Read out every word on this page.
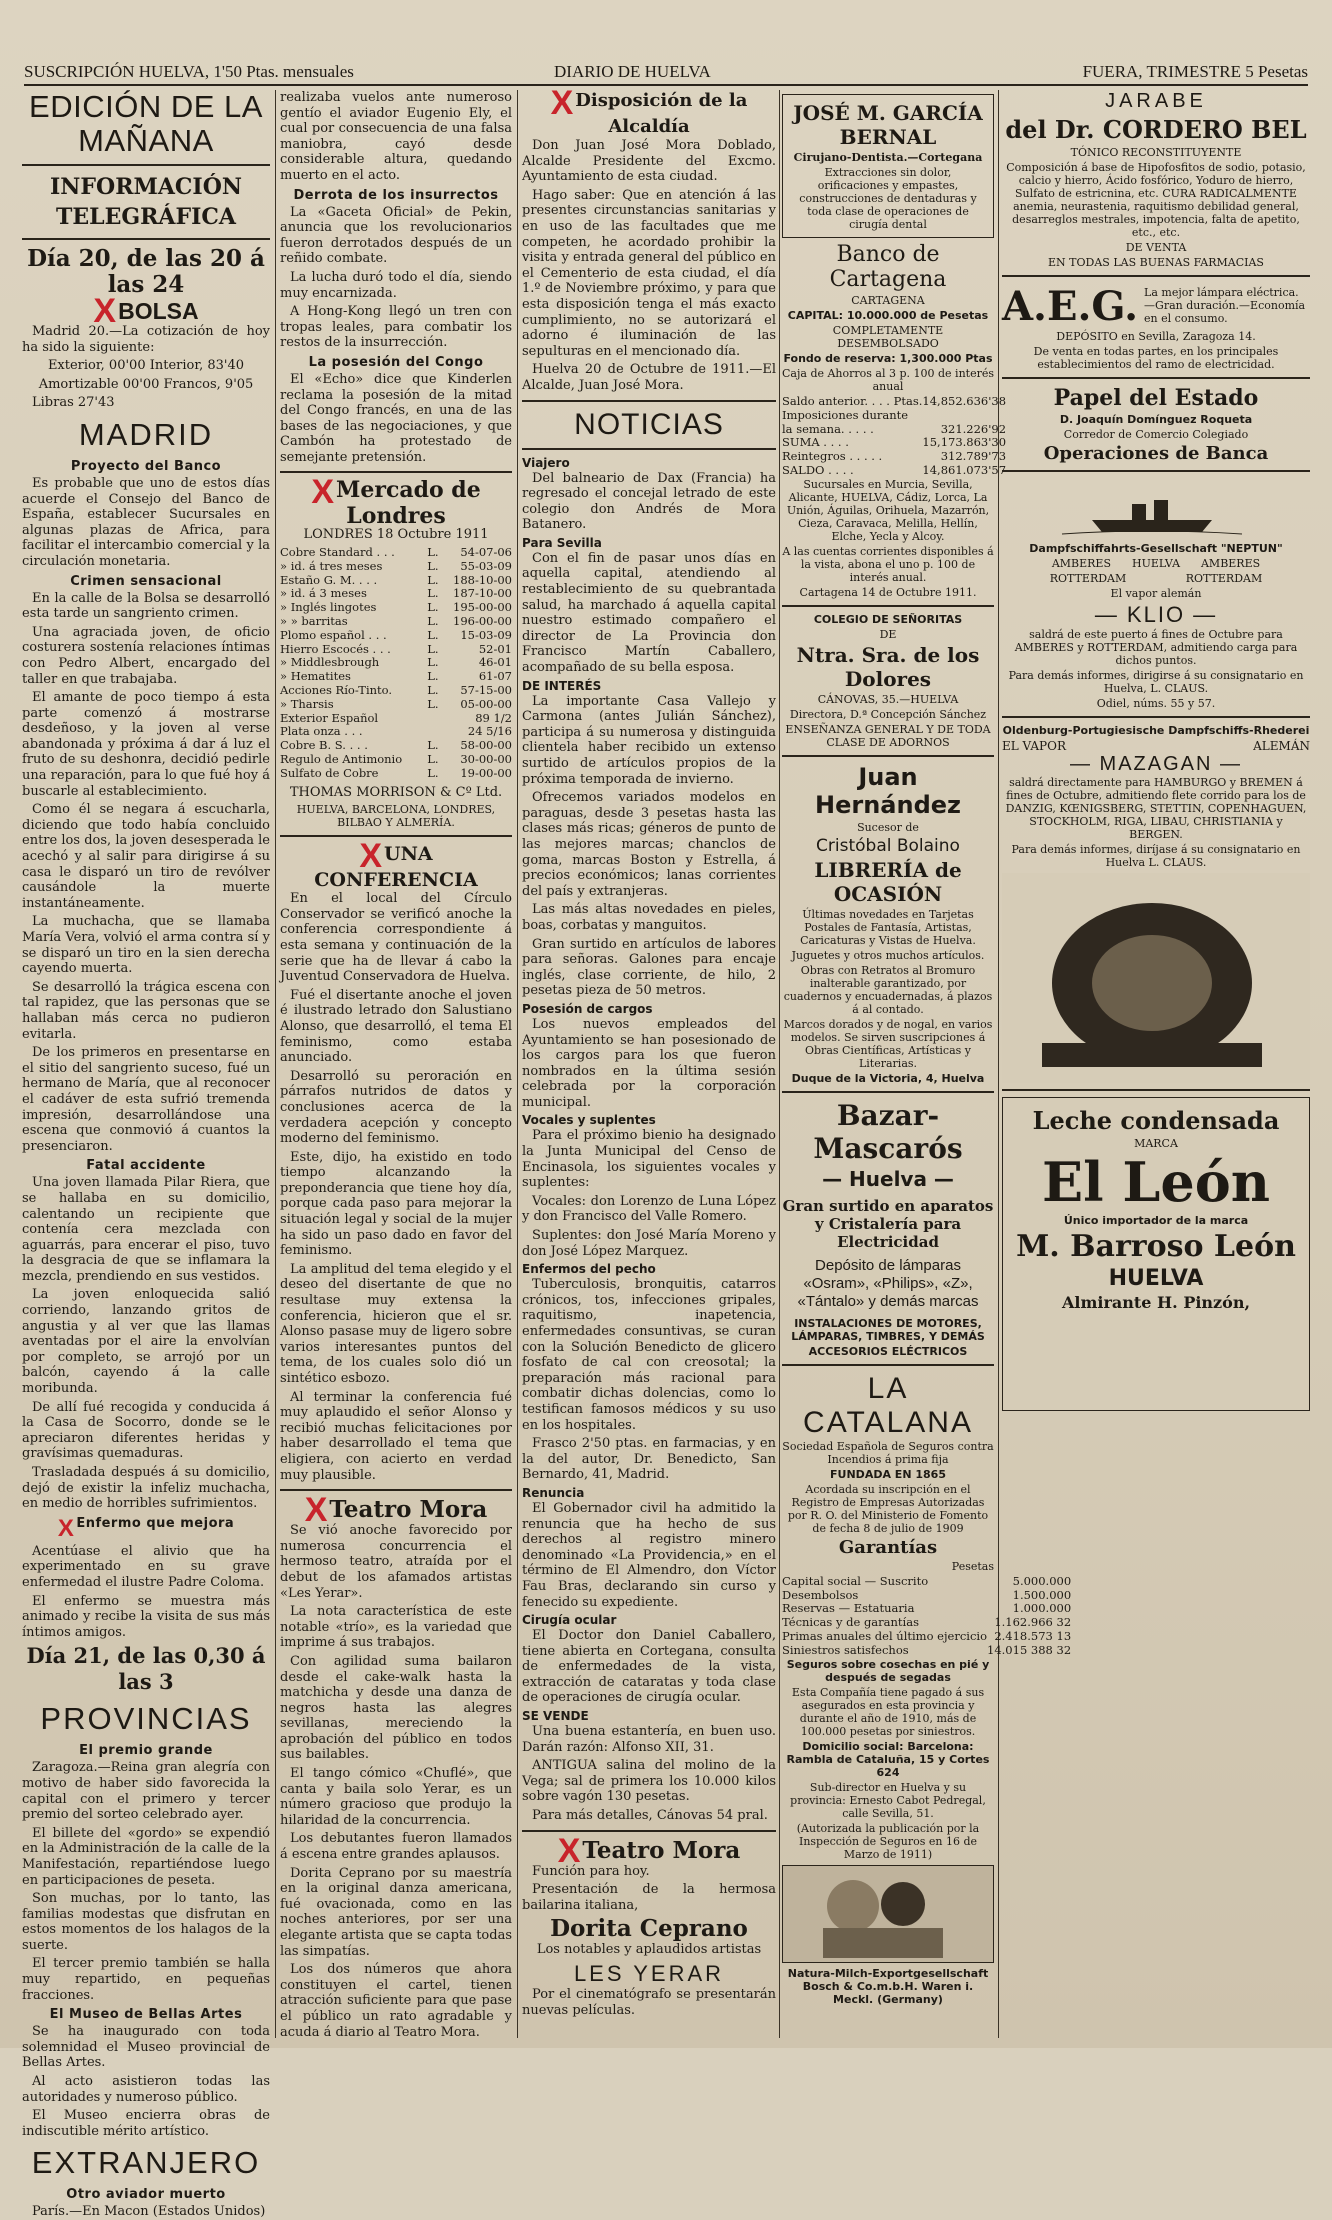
SUSCRIPCIÓN HUELVA, 1'50 Ptas. mensuales	DIARIO DE HUELVA	FUERA, TRIMESTRE 5 Pesetas
EDICIÓN DE LA MAÑANA
INFORMACIÓN TELEGRÁFICA
Día 20, de las 20 á las 24
XBOLSA

Madrid 20.—La cotización de hoy ha sido la siguiente:

Exterior, 00'00 Interior, 83'40

Amortizable 00'00 Francos, 9'05

Libras 27'43

MADRID
Proyecto del Banco

Es probable que uno de estos días acuerde el Consejo del Banco de España, establecer Sucursales en algunas plazas de Africa, para facilitar el intercambio comercial y la circulación monetaria.

Crimen sensacional

En la calle de la Bolsa se desarrolló esta tarde un sangriento crimen.

Una agraciada joven, de oficio costurera sostenía relaciones íntimas con Pedro Albert, encargado del taller en que trabajaba.

El amante de poco tiempo á esta parte comenzó á mostrarse desdeñoso, y la joven al verse abandonada y próxima á dar á luz el fruto de su deshonra, decidió pedirle una reparación, para lo que fué hoy á buscarle al establecimiento.

Como él se negara á escucharla, diciendo que todo había concluido entre los dos, la joven desesperada le acechó y al salir para dirigirse á su casa le disparó un tiro de revólver causándole la muerte instantáneamente.

La muchacha, que se llamaba María Vera, volvió el arma contra sí y se disparó un tiro en la sien derecha cayendo muerta.

Se desarrolló la trágica escena con tal rapidez, que las personas que se hallaban más cerca no pudieron evitarla.

De los primeros en presentarse en el sitio del sangriento suceso, fué un hermano de María, que al reconocer el cadáver de esta sufrió tremenda impresión, desarrollándose una escena que conmovió á cuantos la presenciaron.

Fatal accidente

Una joven llamada Pilar Riera, que se hallaba en su domicilio, calentando un recipiente que contenía cera mezclada con aguarrás, para encerar el piso, tuvo la desgracia de que se inflamara la mezcla, prendiendo en sus vestidos.

La joven enloquecida salió corriendo, lanzando gritos de angustia y al ver que las llamas aventadas por el aire la envolvían por completo, se arrojó por un balcón, cayendo á la calle moribunda.

De allí fué recogida y conducida á la Casa de Socorro, donde se le apreciaron diferentes heridas y gravísimas quemaduras.

Trasladada después á su domicilio, dejó de existir la infeliz muchacha, en medio de horribles sufrimientos.

X Enfermo que mejora

Acentúase el alivio que ha experimentado en su grave enfermedad el ilustre Padre Coloma.

El enfermo se muestra más animado y recibe la visita de sus más íntimos amigos.

Día 21, de las 0,30 á las 3
PROVINCIAS
El premio grande

Zaragoza.—Reina gran alegría con motivo de haber sido favorecida la capital con el primero y tercer premio del sorteo celebrado ayer.

El billete del «gordo» se expendió en la Administración de la calle de la Manifestación, repartiéndose luego en participaciones de peseta.

Son muchas, por lo tanto, las familias modestas que disfrutan en estos momentos de los halagos de la suerte.

El tercer premio también se halla muy repartido, en pequeñas fracciones.

El Museo de Bellas Artes

Se ha inaugurado con toda solemnidad el Museo provincial de Bellas Artes.

Al acto asistieron todas las autoridades y numeroso público.

El Museo encierra obras de indiscutible mérito artístico.

EXTRANJERO
Otro aviador muerto

París.—En Macon (Estados Unidos)

realizaba vuelos ante numeroso gentío el aviador Eugenio Ely, el cual por consecuencia de una falsa maniobra, cayó desde considerable altura, quedando muerto en el acto.

Derrota de los insurrectos

La «Gaceta Oficial» de Pekin, anuncia que los revolucionarios fueron derrotados después de un reñido combate.

La lucha duró todo el día, siendo muy encarnizada.

A Hong-Kong llegó un tren con tropas leales, para combatir los restos de la insurrección.

La posesión del Congo

El «Echo» dice que Kinderlen reclama la posesión de la mitad del Congo francés, en una de las bases de las negociaciones, y que Cambón ha protestado de semejante pretensión.

XMercado de Londres

LONDRES 18 Octubre 1911

Cobre Standard . . .	L.	54-07-06
» id. á tres meses	L.	55-03-09
Estaño G. M. . . .	L.	188-10-00
» id. á 3 meses	L.	187-10-00
» Inglés lingotes	L.	195-00-00
» » barritas	L.	196-00-00
Plomo español . . .	L.	15-03-09
Hierro Escocés . . .	L.	52-01
» Middlesbrough	L.	46-01
» Hematites	L.	61-07
Acciones Río-Tinto.	L.	57-15-00
» Tharsis	L.	05-00-00
Exterior Español		89 1/2
Plata onza . . .		24 5/16
Cobre B. S. . . .	L.	58-00-00
Regulo de Antimonio	L.	30-00-00
Sulfato de Cobre	L.	19-00-00

THOMAS MORRISON & Cº Ltd.

HUELVA, BARCELONA, LONDRES, BILBAO Y ALMERÍA.

XUNA CONFERENCIA

En el local del Círculo Conservador se verificó anoche la conferencia correspondiente á esta semana y continuación de la serie que ha de llevar á cabo la Juventud Conservadora de Huelva.

Fué el disertante anoche el joven é ilustrado letrado don Salustiano Alonso, que desarrolló, el tema El feminismo, como estaba anunciado.

Desarrolló su peroración en párrafos nutridos de datos y conclusiones acerca de la verdadera acepción y concepto moderno del feminismo.

Este, dijo, ha existido en todo tiempo alcanzando la preponderancia que tiene hoy día, porque cada paso para mejorar la situación legal y social de la mujer ha sido un paso dado en favor del feminismo.

La amplitud del tema elegido y el deseo del disertante de que no resultase muy extensa la conferencia, hicieron que el sr. Alonso pasase muy de ligero sobre varios interesantes puntos del tema, de los cuales solo dió un sintético esbozo.

Al terminar la conferencia fué muy aplaudido el señor Alonso y recibió muchas felicitaciones por haber desarrollado el tema que eligiera, con acierto en verdad muy plausible.

XTeatro Mora

Se vió anoche favorecido por numerosa concurrencia el hermoso teatro, atraída por el debut de los afamados artistas «Les Yerar».

La nota característica de este notable «trío», es la variedad que imprime á sus trabajos.

Con agilidad suma bailaron desde el cake-walk hasta la matchicha y desde una danza de negros hasta las alegres sevillanas, mereciendo la aprobación del público en todos sus bailables.

El tango cómico «Chuflé», que canta y baila solo Yerar, es un número gracioso que produjo la hilaridad de la concurrencia.

Los debutantes fueron llamados á escena entre grandes aplausos.

Dorita Ceprano por su maestría en la original danza americana, fué ovacionada, como en las noches anteriores, por ser una elegante artista que se capta todas las simpatías.

Los dos números que ahora constituyen el cartel, tienen atracción suficiente para que pase el público un rato agradable y acuda á diario al Teatro Mora.

X Disposición de la Alcaldía

Don Juan José Mora Doblado, Alcalde Presidente del Excmo. Ayuntamiento de esta ciudad.

Hago saber: Que en atención á las presentes circunstancias sanitarias y en uso de las facultades que me competen, he acordado prohibir la visita y entrada general del público en el Cementerio de esta ciudad, el día 1.º de Noviembre próximo, y para que esta disposición tenga el más exacto cumplimiento, no se autorizará el adorno é iluminación de las sepulturas en el mencionado día.

Huelva 20 de Octubre de 1911.—El Alcalde, Juan José Mora.

NOTICIAS
Viajero

Del balneario de Dax (Francia) ha regresado el concejal letrado de este colegio don Andrés de Mora Batanero.

Para Sevilla

Con el fin de pasar unos días en aquella capital, atendiendo al restablecimiento de su quebrantada salud, ha marchado á aquella capital nuestro estimado compañero el director de La Provincia don Francisco Martín Caballero, acompañado de su bella esposa.

DE INTERÉS

La importante Casa Vallejo y Carmona (antes Julián Sánchez), participa á su numerosa y distinguida clientela haber recibido un extenso surtido de artículos propios de la próxima temporada de invierno.

Ofrecemos variados modelos en paraguas, desde 3 pesetas hasta las clases más ricas; géneros de punto de las mejores marcas; chanclos de goma, marcas Boston y Estrella, á precios económicos; lanas corrientes del país y extranjeras.

Las más altas novedades en pieles, boas, corbatas y manguitos.

Gran surtido en artículos de labores para señoras. Galones para encaje inglés, clase corriente, de hilo, 2 pesetas pieza de 50 metros.

Posesión de cargos

Los nuevos empleados del Ayuntamiento se han posesionado de los cargos para los que fueron nombrados en la última sesión celebrada por la corporación municipal.

Vocales y suplentes

Para el próximo bienio ha designado la Junta Municipal del Censo de Encinasola, los siguientes vocales y suplentes:

Vocales: don Lorenzo de Luna López y don Francisco del Valle Romero.

Suplentes: don José María Moreno y don José López Marquez.

Enfermos del pecho

Tuberculosis, bronquitis, catarros crónicos, tos, infecciones gripales, raquitismo, inapetencia, enfermedades consuntivas, se curan con la Solución Benedicto de glicero fosfato de cal con creosotal; la preparación más racional para combatir dichas dolencias, como lo testifican famosos médicos y su uso en los hospitales.

Frasco 2'50 ptas. en farmacias, y en la del autor, Dr. Benedicto, San Bernardo, 41, Madrid.

Renuncia

El Gobernador civil ha admitido la renuncia que ha hecho de sus derechos al registro minero denominado «La Providencia,» en el término de El Almendro, don Víctor Fau Bras, declarando sin curso y fenecido su expediente.

Cirugía ocular

El Doctor don Daniel Caballero, tiene abierta en Cortegana, consulta de enfermedades de la vista, extracción de cataratas y toda clase de operaciones de cirugía ocular.

SE VENDE

Una buena estantería, en buen uso. Darán razón: Alfonso XII, 31.

ANTIGUA salina del molino de la Vega; sal de primera los 10.000 kilos sobre vagón 130 pesetas.

Para más detalles, Cánovas 54 pral.

XTeatro Mora

Función para hoy.

Presentación de la hermosa bailarina italiana,

Dorita Ceprano

Los notables y aplaudidos artistas

LES YERAR

Por el cinematógrafo se presentarán nuevas películas.

JOSÉ M. GARCÍA BERNAL
Cirujano-Dentista.—Cortegana

Extracciones sin dolor, orificaciones y empastes, construcciones de dentaduras y toda clase de operaciones de cirugía dental

Banco de Cartagena

CARTAGENA

CAPITAL: 10.000.000 de Pesetas

COMPLETAMENTE DESEMBOLSADO

Fondo de reserva: 1,300.000 Ptas

Caja de Ahorros al 3 p. 100 de interés anual

Saldo anterior. . . . Ptas.	14,852.636'38
Imposiciones durante	
la semana. . . . .	321.226'92
SUMA . . . .	15,173.863'30
Reintegros . . . . .	312.789'73
SALDO . . . .	14,861.073'57

Sucursales en Murcia, Sevilla, Alicante, HUELVA, Cádiz, Lorca, La Unión, Águilas, Orihuela, Mazarrón, Cieza, Caravaca, Melilla, Hellín, Elche, Yecla y Alcoy.

A las cuentas corrientes disponibles á la vista, abona el uno p. 100 de interés anual.

Cartagena 14 de Octubre 1911.

COLEGIO DE SEÑORITAS

DE

Ntra. Sra. de los Dolores

CÁNOVAS, 35.—HUELVA

Directora, D.ª Concepción Sánchez

ENSEÑANZA GENERAL Y DE TODA CLASE DE ADORNOS

Juan Hernández

Sucesor de

Cristóbal Bolaino
LIBRERÍA de OCASIÓN

Últimas novedades en Tarjetas Postales de Fantasía, Artistas, Caricaturas y Vistas de Huelva.

Juguetes y otros muchos artículos.

Obras con Retratos al Bromuro inalterable garantizado, por cuadernos y encuadernadas, á plazos á al contado.

Marcos dorados y de nogal, en varios modelos. Se sirven suscripciones á Obras Científicas, Artísticas y Literarias.

Duque de la Victoria, 4, Huelva

Bazar-Mascarós
— Huelva —
Gran surtido en aparatos y Cristalería para Electricidad
Depósito de lámparas «Osram», «Philips», «Z», «Tántalo» y demás marcas

INSTALACIONES DE MOTORES, LÁMPARAS, TIMBRES, Y DEMÁS

ACCESORIOS ELÉCTRICOS

LA CATALANA

Sociedad Española de Seguros contra Incendios á prima fija

FUNDADA EN 1865

Acordada su inscripción en el Registro de Empresas Autorizadas por R. O. del Ministerio de Fomento de fecha 8 de julio de 1909

Garantías

Pesetas

Capital social — Suscrito	5.000.000
Desembolsos	1.500.000
Reservas — Estatuaria	1.000.000
Técnicas y de garantías	1.162.966 32
Primas anuales del último ejercicio	2.418.573 13
Siniestros satisfechos	14.015 388 32

Seguros sobre cosechas en pié y después de segadas

Esta Compañía tiene pagado á sus asegurados en esta provincia y durante el año de 1910, más de 100.000 pesetas por siniestros.

Domicilio social: Barcelona: Rambla de Cataluña, 15 y Cortes 624

Sub-director en Huelva y su provincia: Ernesto Cabot Pedregal, calle Sevilla, 51.

(Autorizada la publicación por la Inspección de Seguros en 16 de Marzo de 1911)

Natura-Milch-Exportgesellschaft Bosch & Co.m.b.H. Waren i. Meckl. (Germany)

JARABE
del Dr. CORDERO BEL

TÓNICO RECONSTITUYENTE

Composición á base de Hipofosfitos de sodio, potasio, calcio y hierro, Ácido fosfórico, Yoduro de hierro, Sulfato de estricnina, etc. CURA RADICALMENTE anemia, neurastenia, raquitismo debilidad general, desarreglos mestrales, impotencia, falta de apetito, etc., etc.

DE VENTA

EN TODAS LAS BUENAS FARMACIAS

A.E.G. La mejor lámpara eléctrica. —Gran duración.—Economía en el consumo.

DEPÓSITO en Sevilla, Zaragoza 14.

De venta en todas partes, en los principales establecimientos del ramo de electricidad.

Papel del Estado

D. Joaquín Domínguez Roqueta

Corredor de Comercio Colegiado

Operaciones de Banca

Dampfschiffahrts-Gesellschaft "NEPTUN"

AMBERES      HUELVA      AMBERES

ROTTERDAM                 ROTTERDAM

El vapor alemán

— KLIO —

saldrá de este puerto á fines de Octubre para AMBERES y ROTTERDAM, admitiendo carga para dichos puntos.

Para demás informes, dirigirse á su consignatario en Huelva, L. CLAUS.

Odiel, núms. 55 y 57.

Oldenburg-Portugiesische Dampfschiffs-Rhederei

EL VAPOR	ALEMÁN
— MAZAGAN —

saldrá directamente para HAMBURGO y BREMEN á fines de Octubre, admitiendo flete corrido para los de DANZIG, KŒNIGSBERG, STETTIN, COPENHAGUEN, STOCKHOLM, RIGA, LIBAU, CHRISTIANIA y BERGEN.

Para demás informes, diríjase á su consignatario en Huelva L. CLAUS.

Leche condensada

MARCA

El León

Único importador de la marca

M. Barroso León
HUELVA
Almirante H. Pinzón,
